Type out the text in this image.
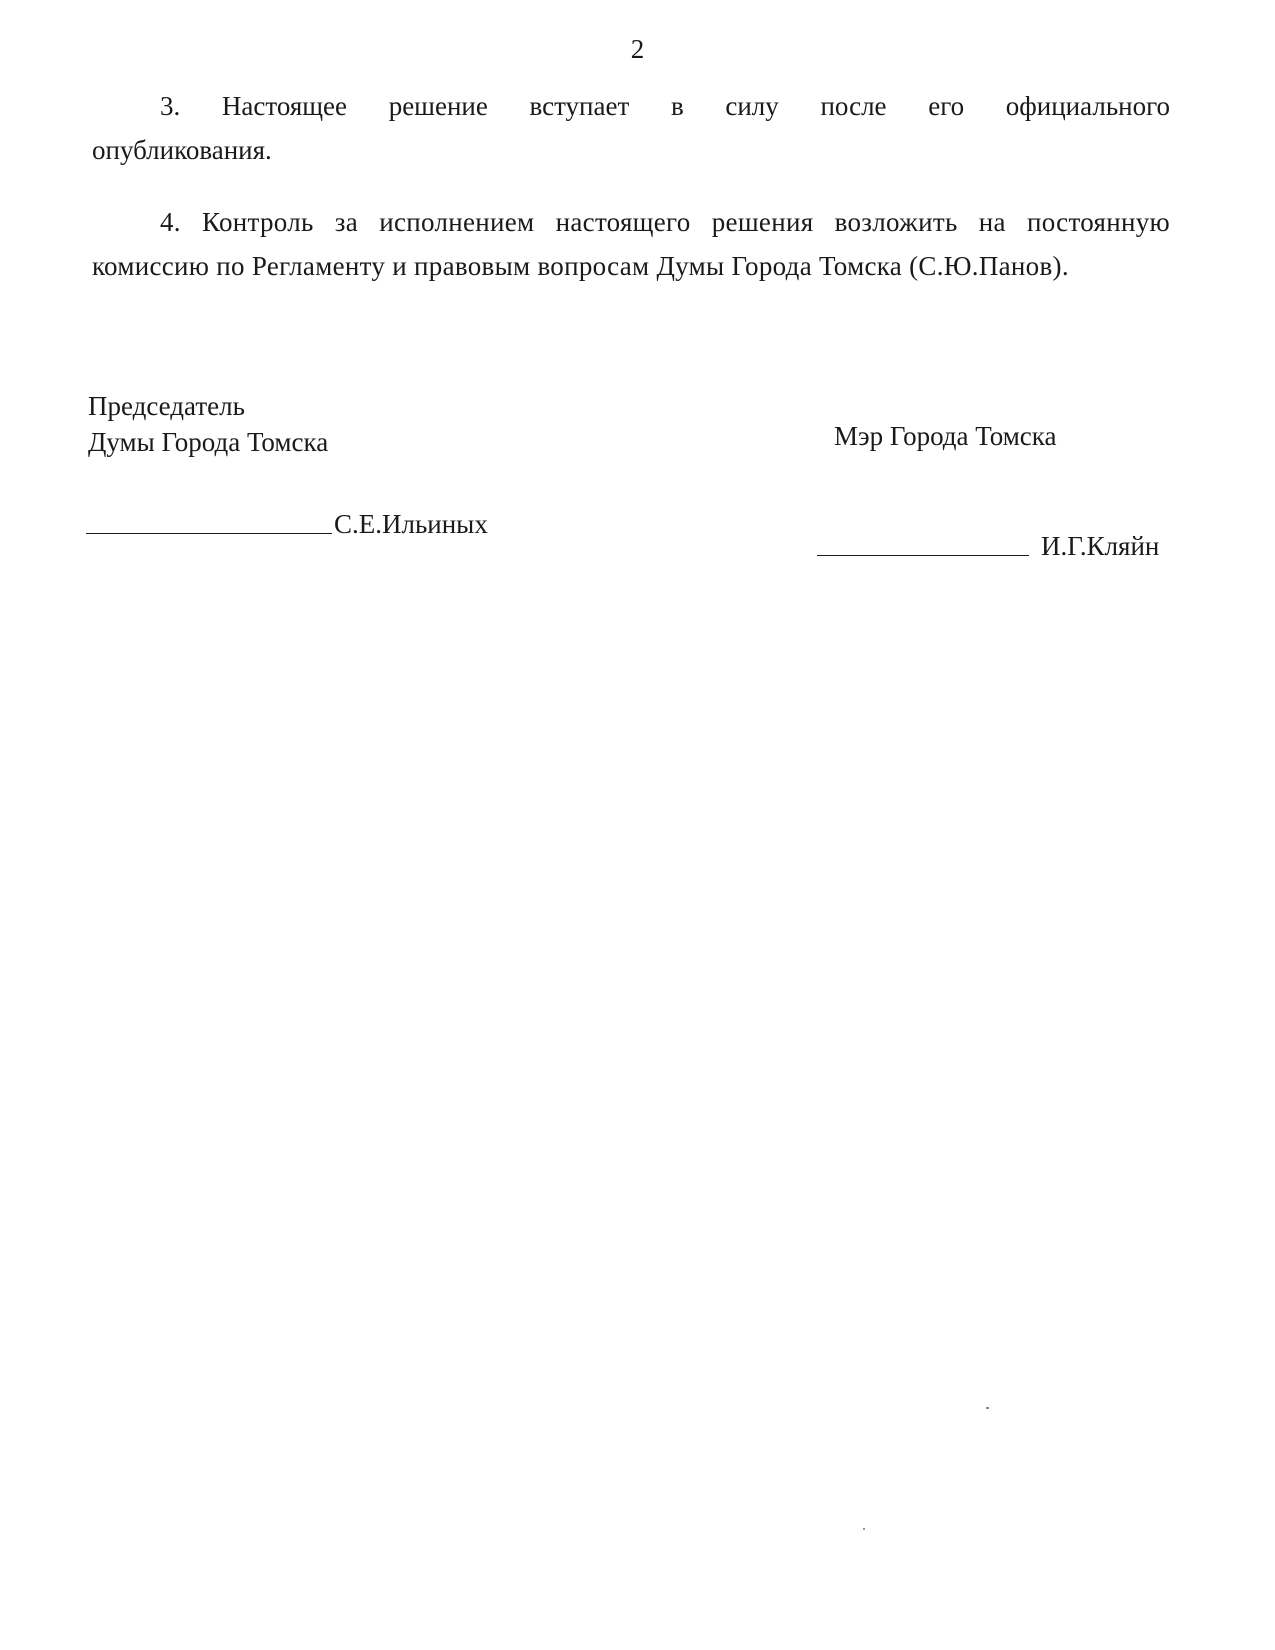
2

3. Настоящее решение вступает в силу после его официального опубликования.

4. Контроль за исполнением настоящего решения возложить на постоянную комиссию по Регламенту и правовым вопросам Думы Города Томска (С.Ю.Панов).

Председатель
Думы Города Томска	Мэр Города Томска
С.Е.Ильиных
И.Г.Кляйн
